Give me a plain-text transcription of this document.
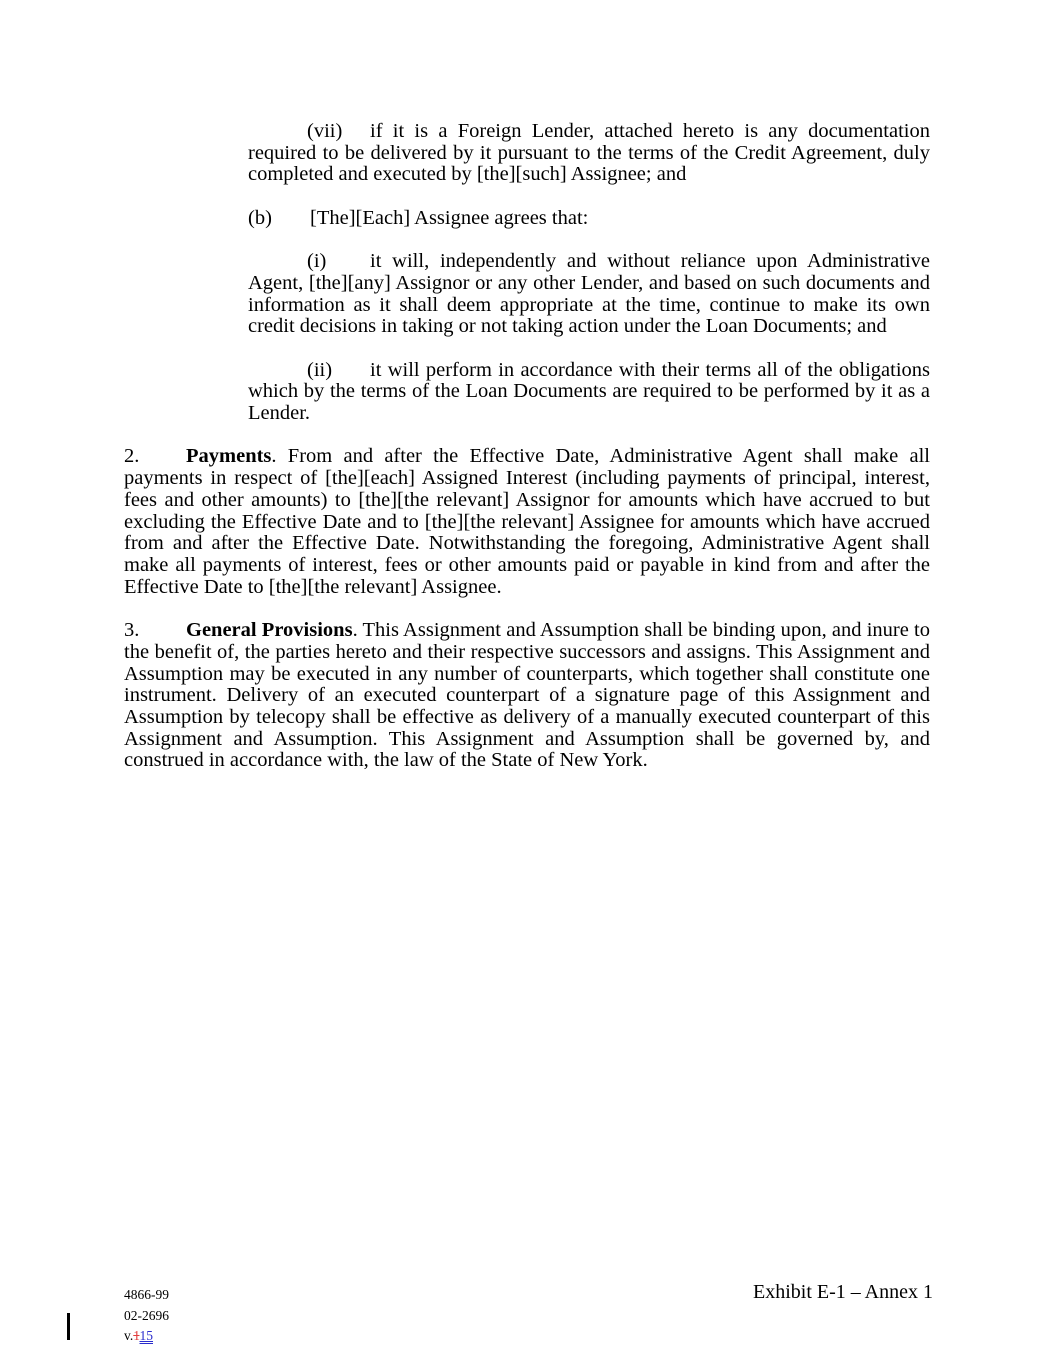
(vii) if it is a Foreign Lender, attached hereto is any documentation required to be delivered by it pursuant to the terms of the Credit Agreement, duly completed and executed by [the][such] Assignee; and

(b) [The][Each] Assignee agrees that:

(i) it will, independently and without reliance upon Administrative Agent, [the][any] Assignor or any other Lender, and based on such documents and information as it shall deem appropriate at the time, continue to make its own credit decisions in taking or not taking action under the Loan Documents; and

(ii) it will perform in accordance with their terms all of the obligations which by the terms of the Loan Documents are required to be performed by it as a Lender.

2. Payments. From and after the Effective Date, Administrative Agent shall make all payments in respect of [the][each] Assigned Interest (including payments of principal, interest, fees and other amounts) to [the][the relevant] Assignor for amounts which have accrued to but excluding the Effective Date and to [the][the relevant] Assignee for amounts which have accrued from and after the Effective Date. Notwithstanding the foregoing, Administrative Agent shall make all payments of interest, fees or other amounts paid or payable in kind from and after the Effective Date to [the][the relevant] Assignee.

3. General Provisions. This Assignment and Assumption shall be binding upon, and inure to the benefit of, the parties hereto and their respective successors and assigns. This Assignment and Assumption may be executed in any number of counterparts, which together shall constitute one instrument. Delivery of an executed counterpart of a signature page of this Assignment and Assumption by telecopy shall be effective as delivery of a manually executed counterpart of this Assignment and Assumption. This Assignment and Assumption shall be governed by, and construed in accordance with, the law of the State of New York.

4866-99
02-2696
v.115
Exhibit E-1 – Annex 1
